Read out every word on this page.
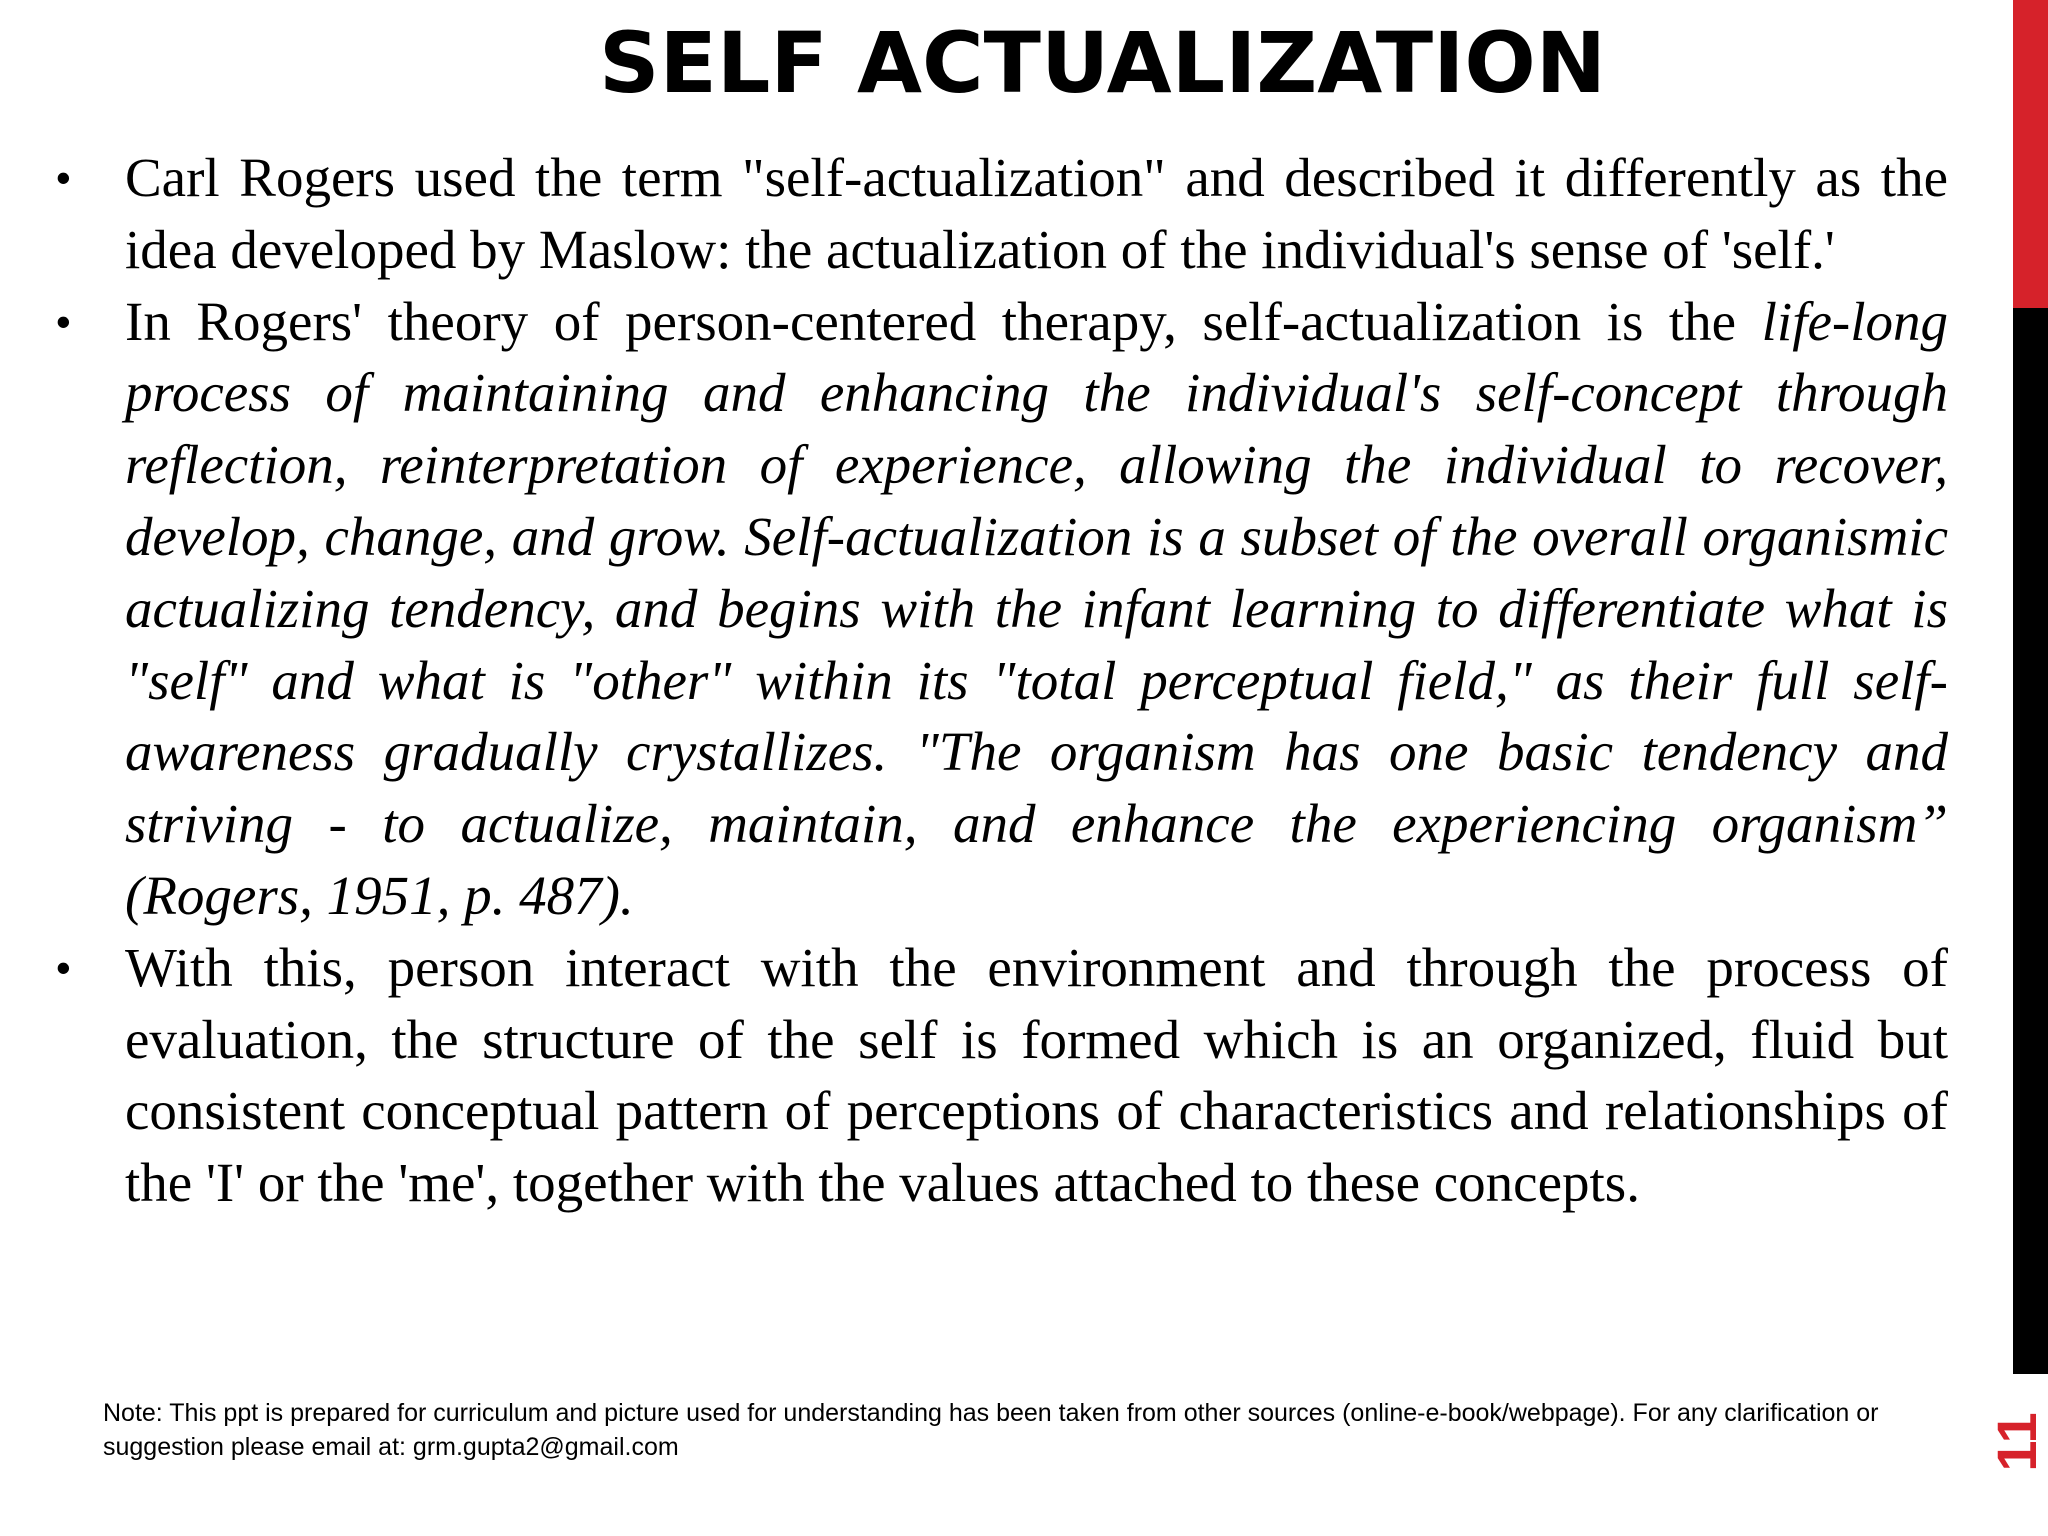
SELF ACTUALIZATION
• Carl Rogers used the term "self-actualization" and described it differently as the idea developed by Maslow: the actualization of the individual's sense of 'self.'
• In Rogers' theory of person-centered therapy, self-actualization is the life-long process of maintaining and enhancing the individual's self-concept through reflection, reinterpretation of experience, allowing the individual to recover, develop, change, and grow. Self-actualization is a subset of the overall organismic actualizing tendency, and begins with the infant learning to differentiate what is "self" and what is "other" within its "total perceptual field," as their full self-awareness gradually crystallizes. "The organism has one basic tendency and striving - to actualize, maintain, and enhance the experiencing organism” (Rogers, 1951, p. 487).
• With this, person interact with the environment and through the process of evaluation, the structure of the self is formed which is an organized, fluid but consistent conceptual pattern of perceptions of characteristics and relationships of the 'I' or the 'me', together with the values attached to these concepts.

Note: This ppt is prepared for curriculum and picture used for understanding has been taken from other sources (online-e-book/webpage). For any clarification or suggestion please email at: grm.gupta2@gmail.com	11
